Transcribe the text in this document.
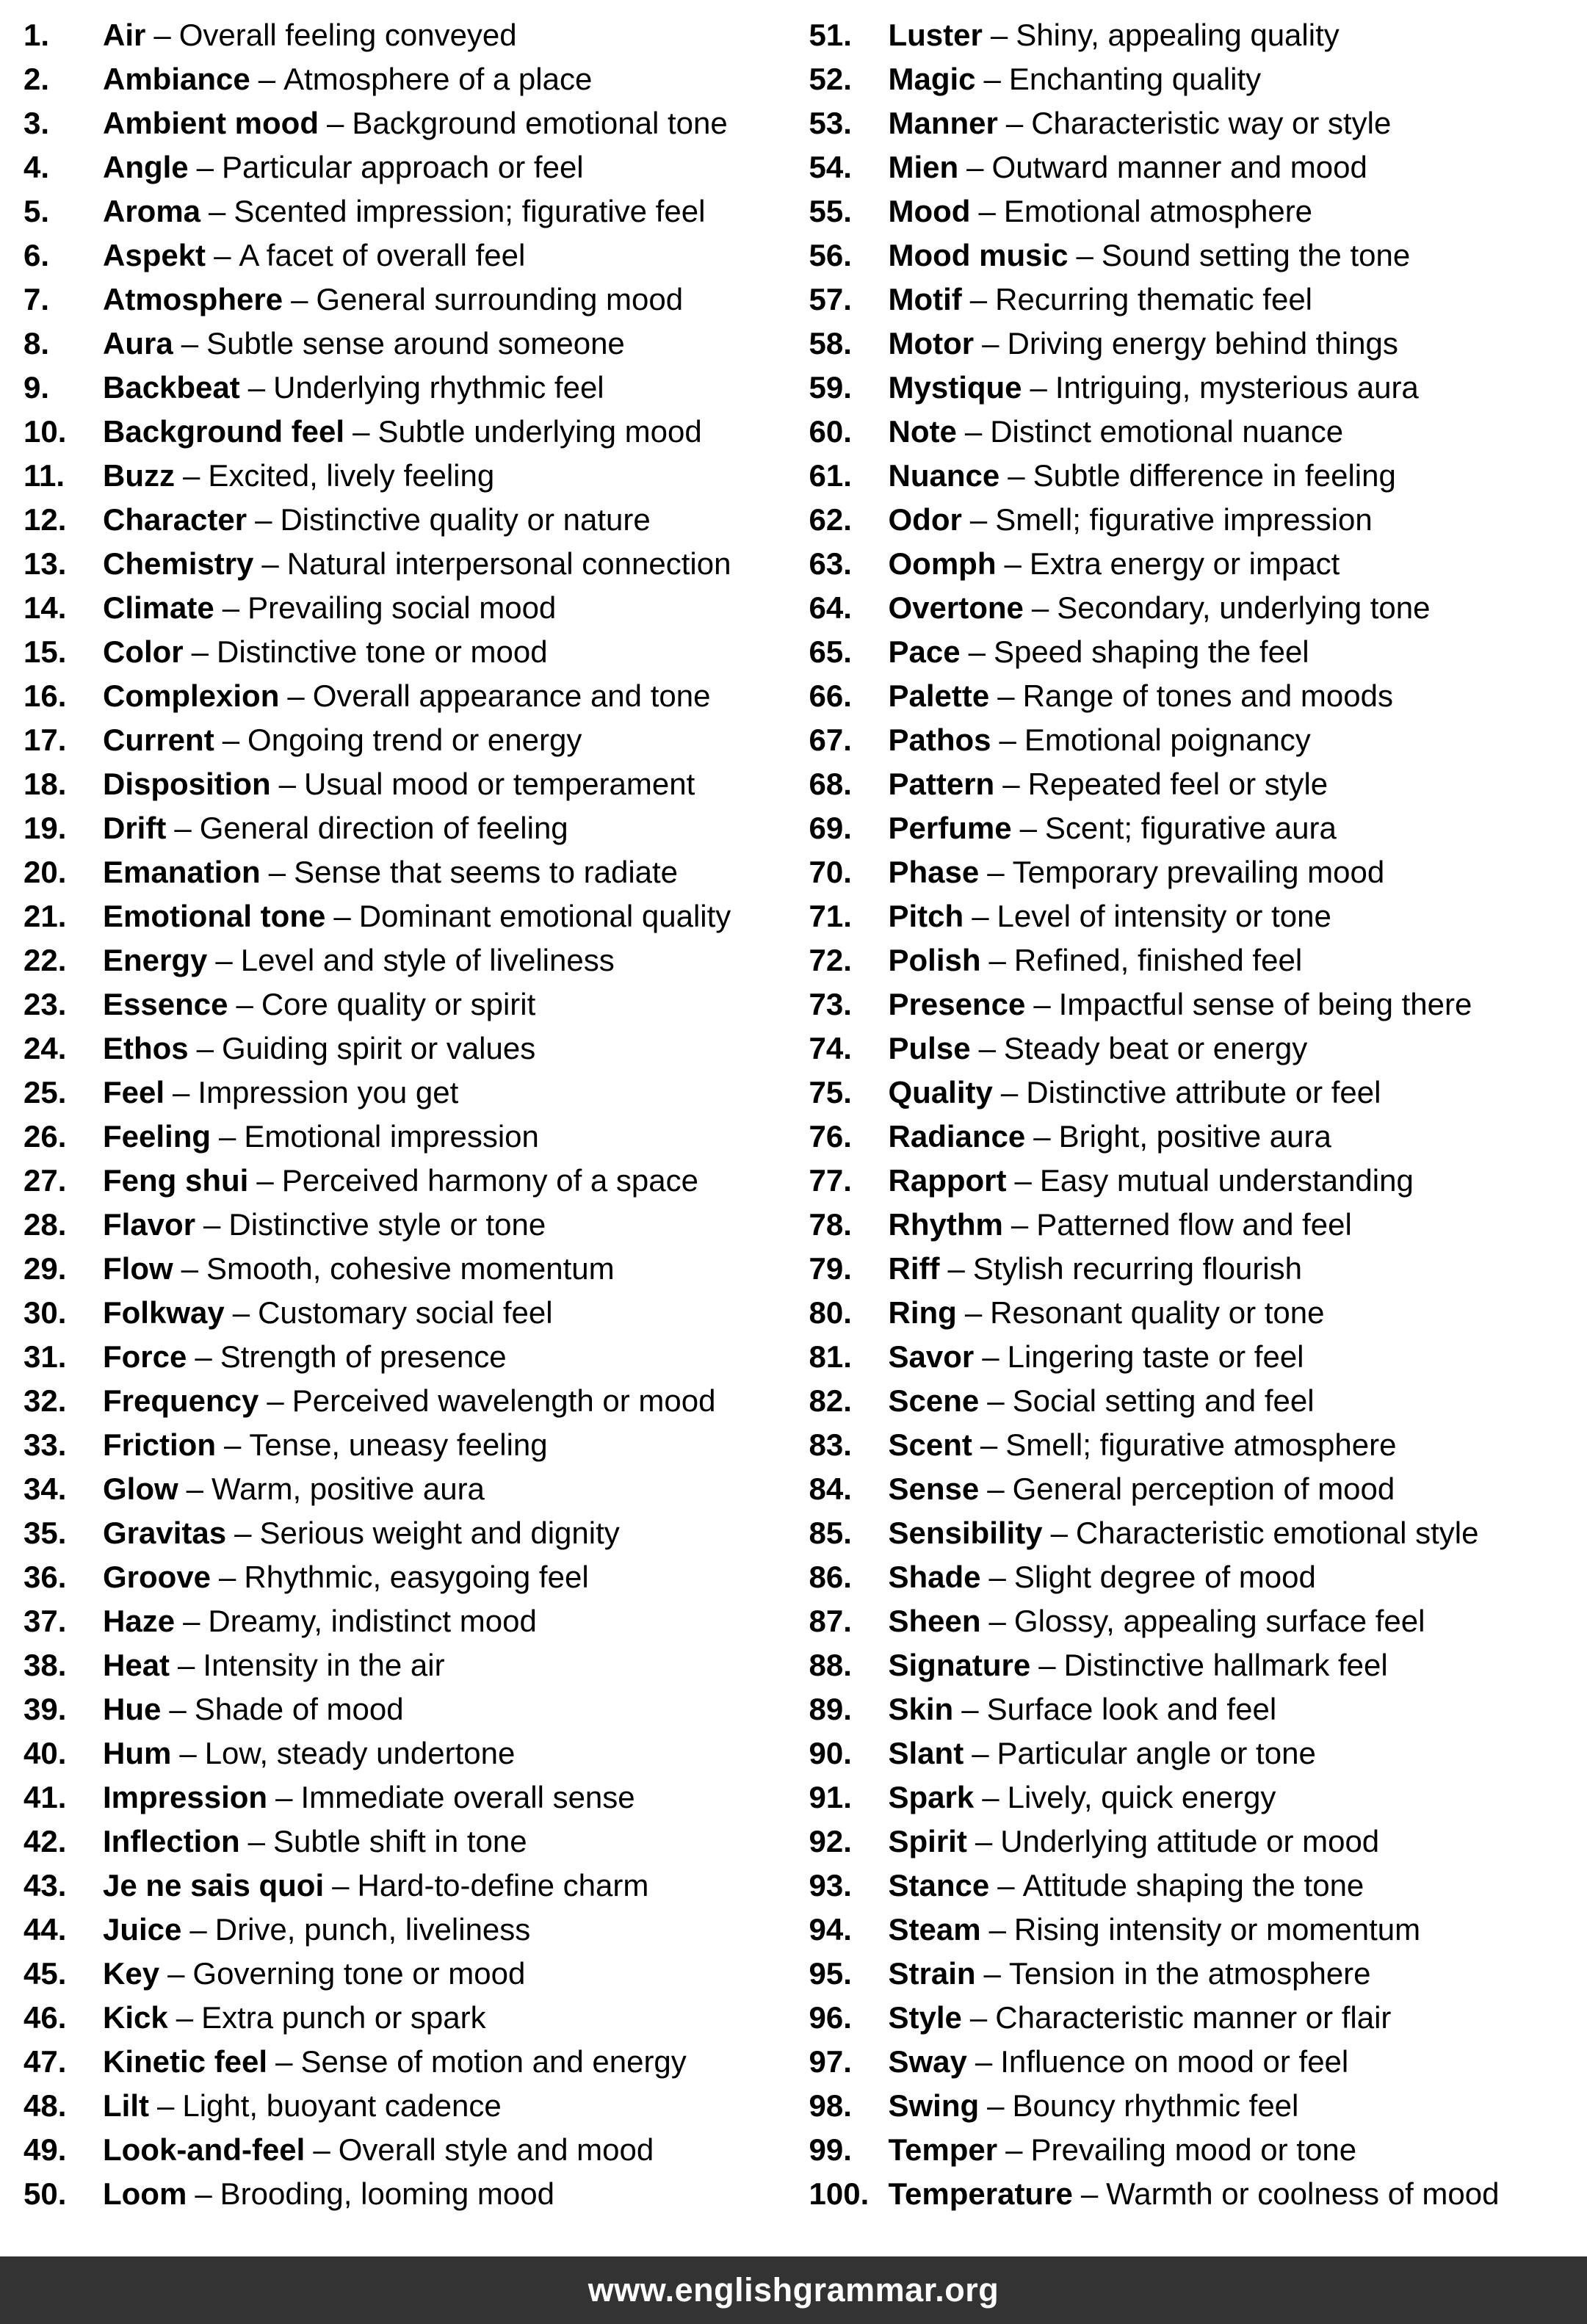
1.	Air – Overall feeling conveyed
2.	Ambiance – Atmosphere of a place
3.	Ambient mood – Background emotional tone
4.	Angle – Particular approach or feel
5.	Aroma – Scented impression; figurative feel
6.	Aspekt – A facet of overall feel
7.	Atmosphere – General surrounding mood
8.	Aura – Subtle sense around someone
9.	Backbeat – Underlying rhythmic feel
10.	Background feel – Subtle underlying mood
11.	Buzz – Excited, lively feeling
12.	Character – Distinctive quality or nature
13.	Chemistry – Natural interpersonal connection
14.	Climate – Prevailing social mood
15.	Color – Distinctive tone or mood
16.	Complexion – Overall appearance and tone
17.	Current – Ongoing trend or energy
18.	Disposition – Usual mood or temperament
19.	Drift – General direction of feeling
20.	Emanation – Sense that seems to radiate
21.	Emotional tone – Dominant emotional quality
22.	Energy – Level and style of liveliness
23.	Essence – Core quality or spirit
24.	Ethos – Guiding spirit or values
25.	Feel – Impression you get
26.	Feeling – Emotional impression
27.	Feng shui – Perceived harmony of a space
28.	Flavor – Distinctive style or tone
29.	Flow – Smooth, cohesive momentum
30.	Folkway – Customary social feel
31.	Force – Strength of presence
32.	Frequency – Perceived wavelength or mood
33.	Friction – Tense, uneasy feeling
34.	Glow – Warm, positive aura
35.	Gravitas – Serious weight and dignity
36.	Groove – Rhythmic, easygoing feel
37.	Haze – Dreamy, indistinct mood
38.	Heat – Intensity in the air
39.	Hue – Shade of mood
40.	Hum – Low, steady undertone
41.	Impression – Immediate overall sense
42.	Inflection – Subtle shift in tone
43.	Je ne sais quoi – Hard-to-define charm
44.	Juice – Drive, punch, liveliness
45.	Key – Governing tone or mood
46.	Kick – Extra punch or spark
47.	Kinetic feel – Sense of motion and energy
48.	Lilt – Light, buoyant cadence
49.	Look-and-feel – Overall style and mood
50.	Loom – Brooding, looming mood
51.	Luster – Shiny, appealing quality
52.	Magic – Enchanting quality
53.	Manner – Characteristic way or style
54.	Mien – Outward manner and mood
55.	Mood – Emotional atmosphere
56.	Mood music – Sound setting the tone
57.	Motif – Recurring thematic feel
58.	Motor – Driving energy behind things
59.	Mystique – Intriguing, mysterious aura
60.	Note – Distinct emotional nuance
61.	Nuance – Subtle difference in feeling
62.	Odor – Smell; figurative impression
63.	Oomph – Extra energy or impact
64.	Overtone – Secondary, underlying tone
65.	Pace – Speed shaping the feel
66.	Palette – Range of tones and moods
67.	Pathos – Emotional poignancy
68.	Pattern – Repeated feel or style
69.	Perfume – Scent; figurative aura
70.	Phase – Temporary prevailing mood
71.	Pitch – Level of intensity or tone
72.	Polish – Refined, finished feel
73.	Presence – Impactful sense of being there
74.	Pulse – Steady beat or energy
75.	Quality – Distinctive attribute or feel
76.	Radiance – Bright, positive aura
77.	Rapport – Easy mutual understanding
78.	Rhythm – Patterned flow and feel
79.	Riff – Stylish recurring flourish
80.	Ring – Resonant quality or tone
81.	Savor – Lingering taste or feel
82.	Scene – Social setting and feel
83.	Scent – Smell; figurative atmosphere
84.	Sense – General perception of mood
85.	Sensibility – Characteristic emotional style
86.	Shade – Slight degree of mood
87.	Sheen – Glossy, appealing surface feel
88.	Signature – Distinctive hallmark feel
89.	Skin – Surface look and feel
90.	Slant – Particular angle or tone
91.	Spark – Lively, quick energy
92.	Spirit – Underlying attitude or mood
93.	Stance – Attitude shaping the tone
94.	Steam – Rising intensity or momentum
95.	Strain – Tension in the atmosphere
96.	Style – Characteristic manner or flair
97.	Sway – Influence on mood or feel
98.	Swing – Bouncy rhythmic feel
99.	Temper – Prevailing mood or tone
100. Temperature – Warmth or coolness of mood
www.englishgrammar.org
